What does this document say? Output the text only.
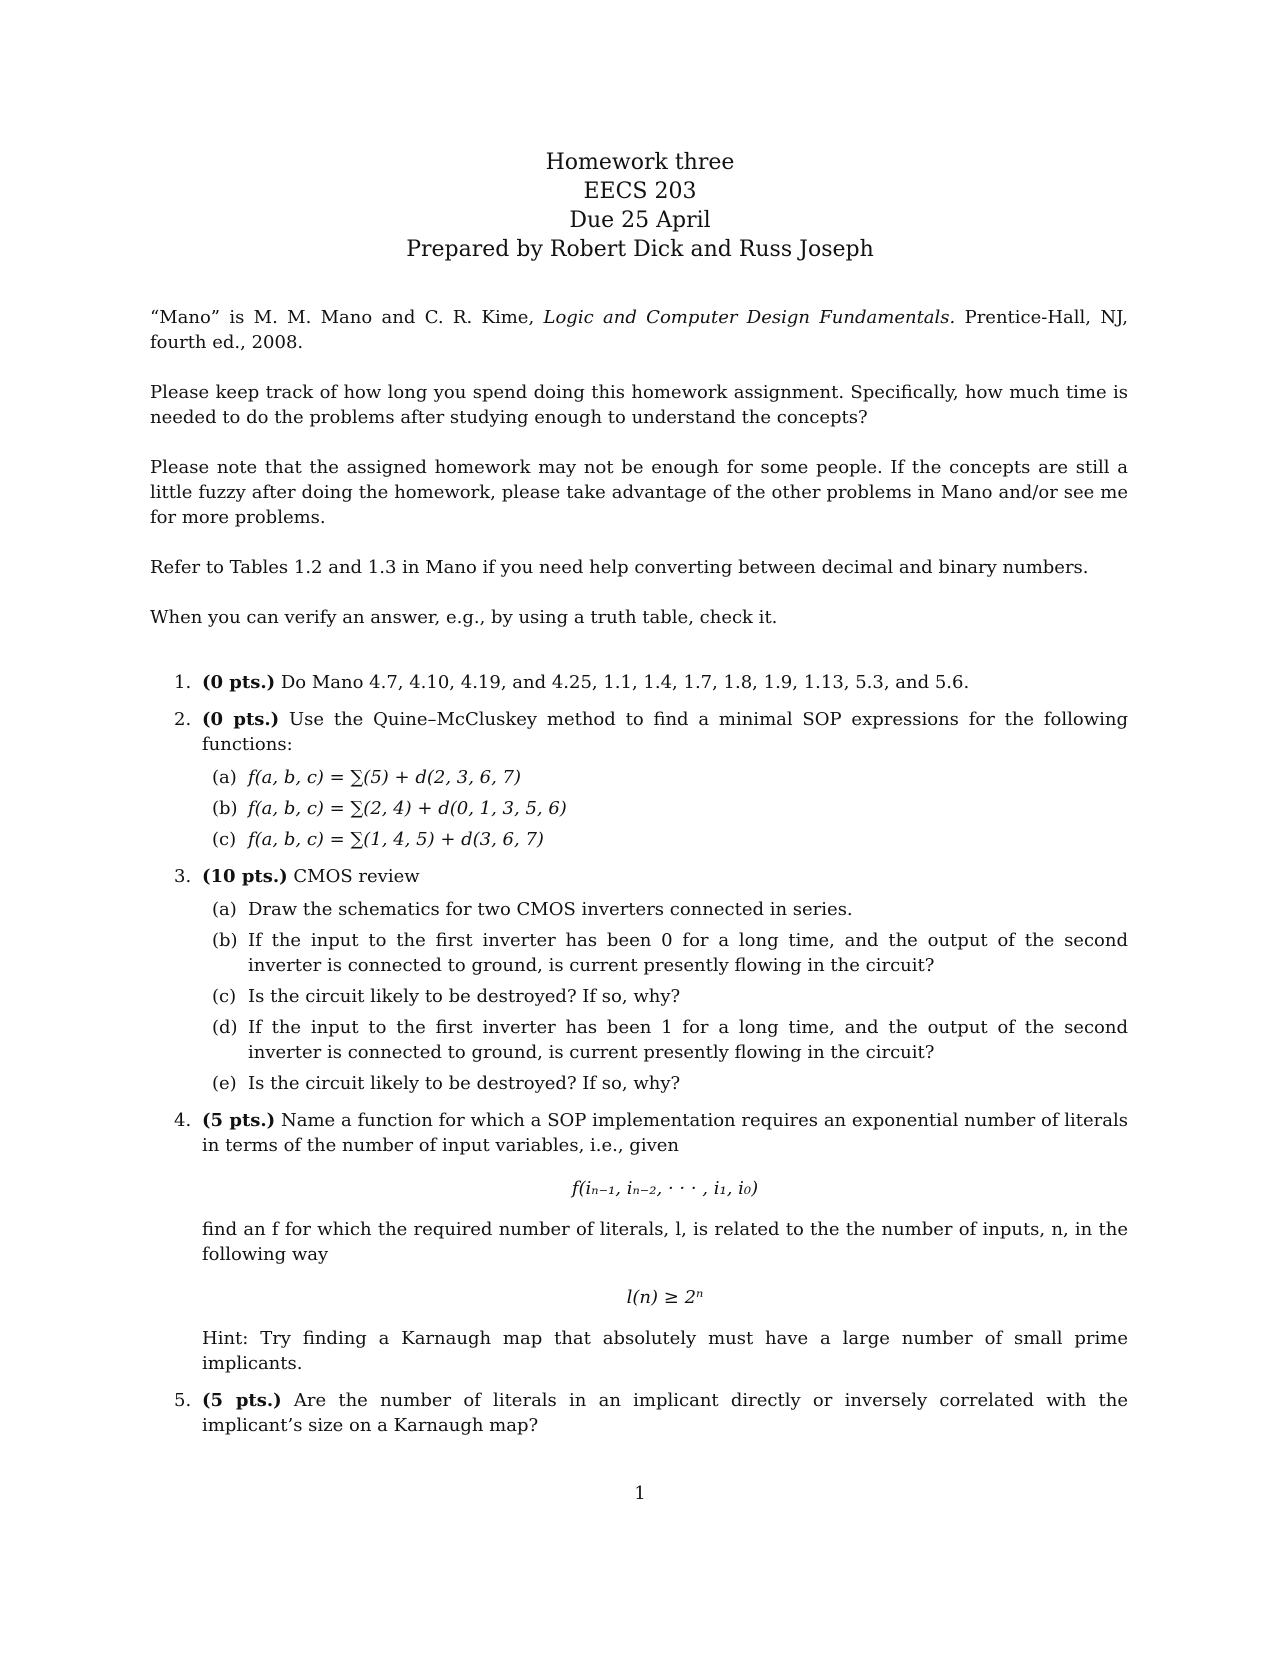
Homework three
EECS 203
Due 25 April
Prepared by Robert Dick and Russ Joseph

“Mano” is M. M. Mano and C. R. Kime, Logic and Computer Design Fundamentals. Prentice-Hall, NJ, fourth ed., 2008.

Please keep track of how long you spend doing this homework assignment. Specifically, how much time is needed to do the problems after studying enough to understand the concepts?

Please note that the assigned homework may not be enough for some people. If the concepts are still a little fuzzy after doing the homework, please take advantage of the other problems in Mano and/or see me for more problems.

Refer to Tables 1.2 and 1.3 in Mano if you need help converting between decimal and binary numbers.

When you can verify an answer, e.g., by using a truth table, check it.

1. (0 pts.) Do Mano 4.7, 4.10, 4.19, and 4.25, 1.1, 1.4, 1.7, 1.8, 1.9, 1.13, 5.3, and 5.6.
2. (0 pts.) Use the Quine–McCluskey method to find a minimal SOP expressions for the following functions:
(a) f(a, b, c) = ∑(5) + d(2, 3, 6, 7)
(b) f(a, b, c) = ∑(2, 4) + d(0, 1, 3, 5, 6)
(c) f(a, b, c) = ∑(1, 4, 5) + d(3, 6, 7)
3. (10 pts.) CMOS review
(a) Draw the schematics for two CMOS inverters connected in series.
(b) If the input to the first inverter has been 0 for a long time, and the output of the second inverter is connected to ground, is current presently flowing in the circuit?
(c) Is the circuit likely to be destroyed? If so, why?
(d) If the input to the first inverter has been 1 for a long time, and the output of the second inverter is connected to ground, is current presently flowing in the circuit?
(e) Is the circuit likely to be destroyed? If so, why?
4. (5 pts.) Name a function for which a SOP implementation requires an exponential number of literals in terms of the number of input variables, i.e., given
f(iₙ₋₁, iₙ₋₂, · · · , i₁, i₀)
find an f for which the required number of literals, l, is related to the the number of inputs, n, in the following way
l(n) ≥ 2ⁿ
Hint: Try finding a Karnaugh map that absolutely must have a large number of small prime implicants.
5. (5 pts.) Are the number of literals in an implicant directly or inversely correlated with the implicant’s size on a Karnaugh map?
1
